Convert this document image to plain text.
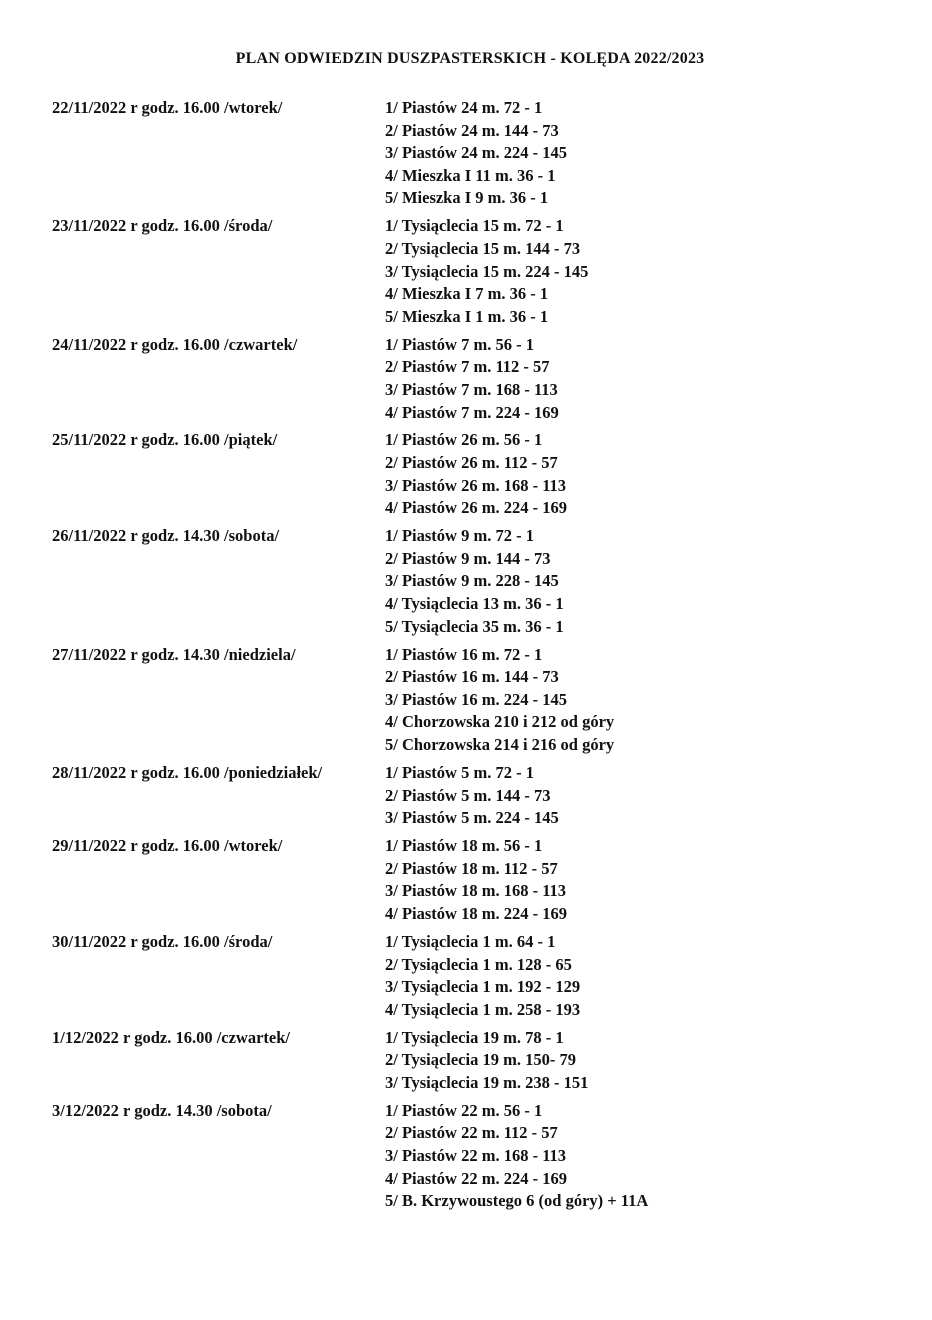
PLAN ODWIEDZIN DUSZPASTERSKICH - KOLĘDA 2022/2023
22/11/2022 r godz. 16.00 /wtorek/	1/ Piastów 24 m. 72 - 1
2/ Piastów 24 m. 144 - 73
3/ Piastów 24 m. 224 - 145
4/ Mieszka I 11 m. 36 - 1
5/ Mieszka I 9 m. 36 - 1
23/11/2022 r godz. 16.00 /środa/	1/ Tysiąclecia 15 m. 72 - 1
2/ Tysiąclecia 15 m. 144 - 73
3/ Tysiąclecia 15 m. 224 - 145
4/ Mieszka I 7 m. 36 - 1
5/ Mieszka I 1 m. 36 - 1
24/11/2022 r godz. 16.00 /czwartek/	1/ Piastów 7 m. 56 - 1
2/ Piastów 7 m. 112 - 57
3/ Piastów 7 m. 168 - 113
4/ Piastów 7 m. 224 - 169
25/11/2022 r godz. 16.00 /piątek/	1/ Piastów 26 m. 56 - 1
2/ Piastów 26 m. 112 - 57
3/ Piastów 26 m. 168 - 113
4/ Piastów 26 m. 224 - 169
26/11/2022 r godz. 14.30 /sobota/	1/ Piastów 9 m. 72 - 1
2/ Piastów 9 m. 144 - 73
3/ Piastów 9 m. 228 - 145
4/ Tysiąclecia 13 m. 36 - 1
5/ Tysiąclecia 35 m. 36 - 1
27/11/2022 r godz. 14.30 /niedziela/	1/ Piastów 16 m. 72 - 1
2/ Piastów 16 m. 144 - 73
3/ Piastów 16 m. 224 - 145
4/ Chorzowska 210 i 212 od góry
5/ Chorzowska 214 i 216 od góry
28/11/2022 r godz. 16.00 /poniedziałek/	1/ Piastów 5 m. 72 - 1
2/ Piastów 5 m. 144 - 73
3/ Piastów 5 m. 224 - 145
29/11/2022 r godz. 16.00 /wtorek/	1/ Piastów 18 m. 56 - 1
2/ Piastów 18 m. 112 - 57
3/ Piastów 18 m. 168 - 113
4/ Piastów 18 m. 224 - 169
30/11/2022 r godz. 16.00 /środa/	1/ Tysiąclecia 1 m. 64 - 1
2/ Tysiąclecia 1 m. 128 - 65
3/ Tysiąclecia 1 m. 192 - 129
4/ Tysiąclecia 1 m. 258 - 193
1/12/2022 r godz. 16.00 /czwartek/	1/ Tysiąclecia 19 m. 78 - 1
2/ Tysiąclecia 19 m. 150- 79
3/ Tysiąclecia 19 m. 238 - 151
3/12/2022 r godz. 14.30 /sobota/	1/ Piastów 22 m. 56 - 1
2/ Piastów 22 m. 112 - 57
3/ Piastów 22 m. 168 - 113
4/ Piastów 22 m. 224 - 169
5/ B. Krzywoustego 6 (od góry) + 11A
